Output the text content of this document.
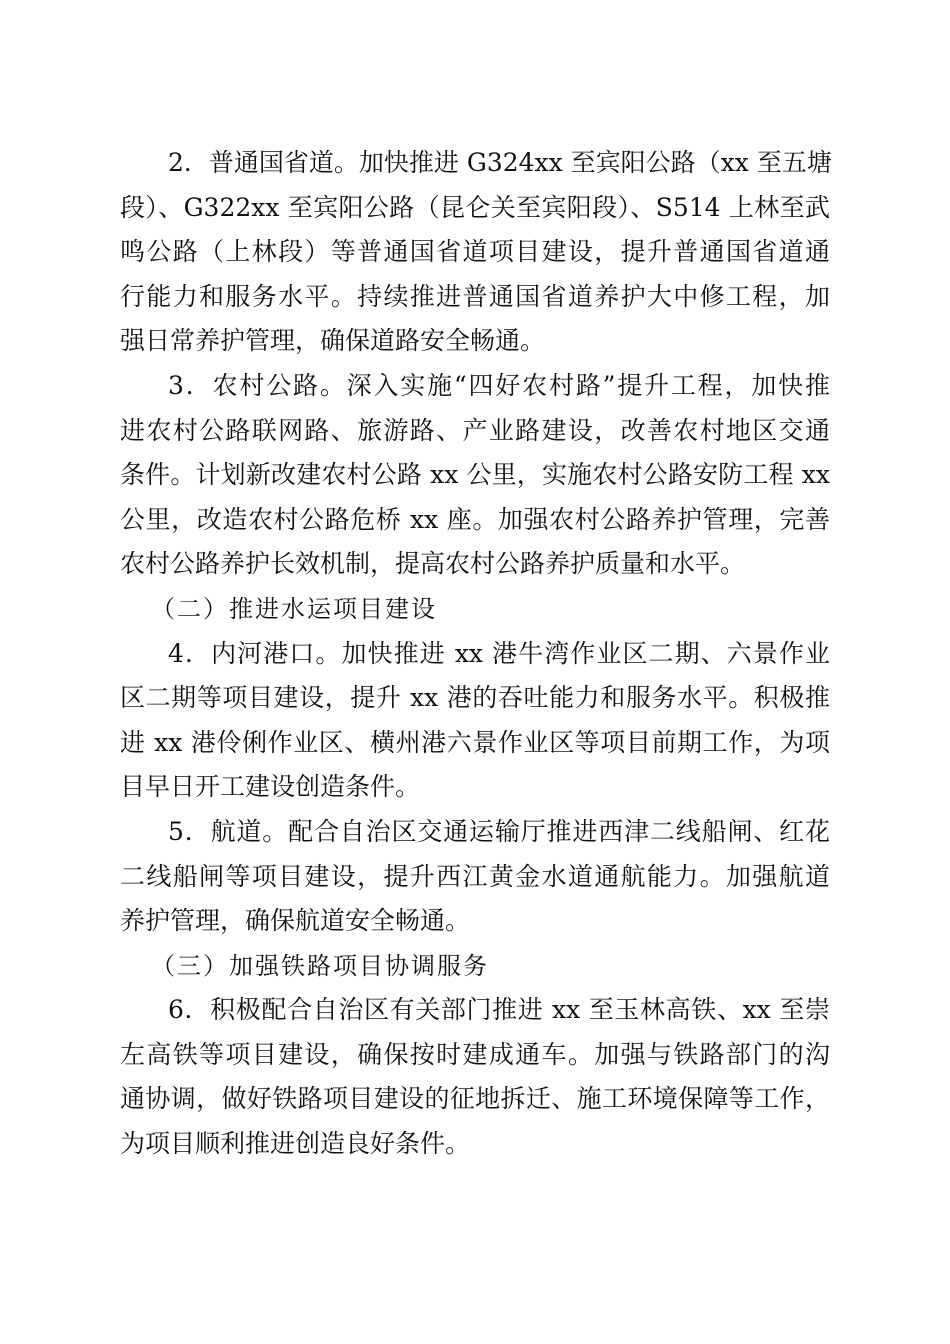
2．普通国省道。加快推进 G324xx 至宾阳公路（xx 至五塘
段）、G322xx 至宾阳公路（昆仑关至宾阳段）、S514 上林至武
鸣公路（上林段）等普通国省道项目建设，提升普通国省道通
行能力和服务水平。持续推进普通国省道养护大中修工程，加
强日常养护管理，确保道路安全畅通。
3．农村公路。深入实施“四好农村路”提升工程，加快推
进农村公路联网路、旅游路、产业路建设，改善农村地区交通
条件。计划新改建农村公路 xx 公里，实施农村公路安防工程 xx
公里，改造农村公路危桥 xx 座。加强农村公路养护管理，完善
农村公路养护长效机制，提高农村公路养护质量和水平。
（二）推进水运项目建设
4．内河港口。加快推进 xx 港牛湾作业区二期、六景作业
区二期等项目建设，提升 xx 港的吞吐能力和服务水平。积极推
进 xx 港伶俐作业区、横州港六景作业区等项目前期工作，为项
目早日开工建设创造条件。
5．航道。配合自治区交通运输厅推进西津二线船闸、红花
二线船闸等项目建设，提升西江黄金水道通航能力。加强航道
养护管理，确保航道安全畅通。
（三）加强铁路项目协调服务
6．积极配合自治区有关部门推进 xx 至玉林高铁、xx 至崇
左高铁等项目建设，确保按时建成通车。加强与铁路部门的沟
通协调，做好铁路项目建设的征地拆迁、施工环境保障等工作，
为项目顺利推进创造良好条件。
